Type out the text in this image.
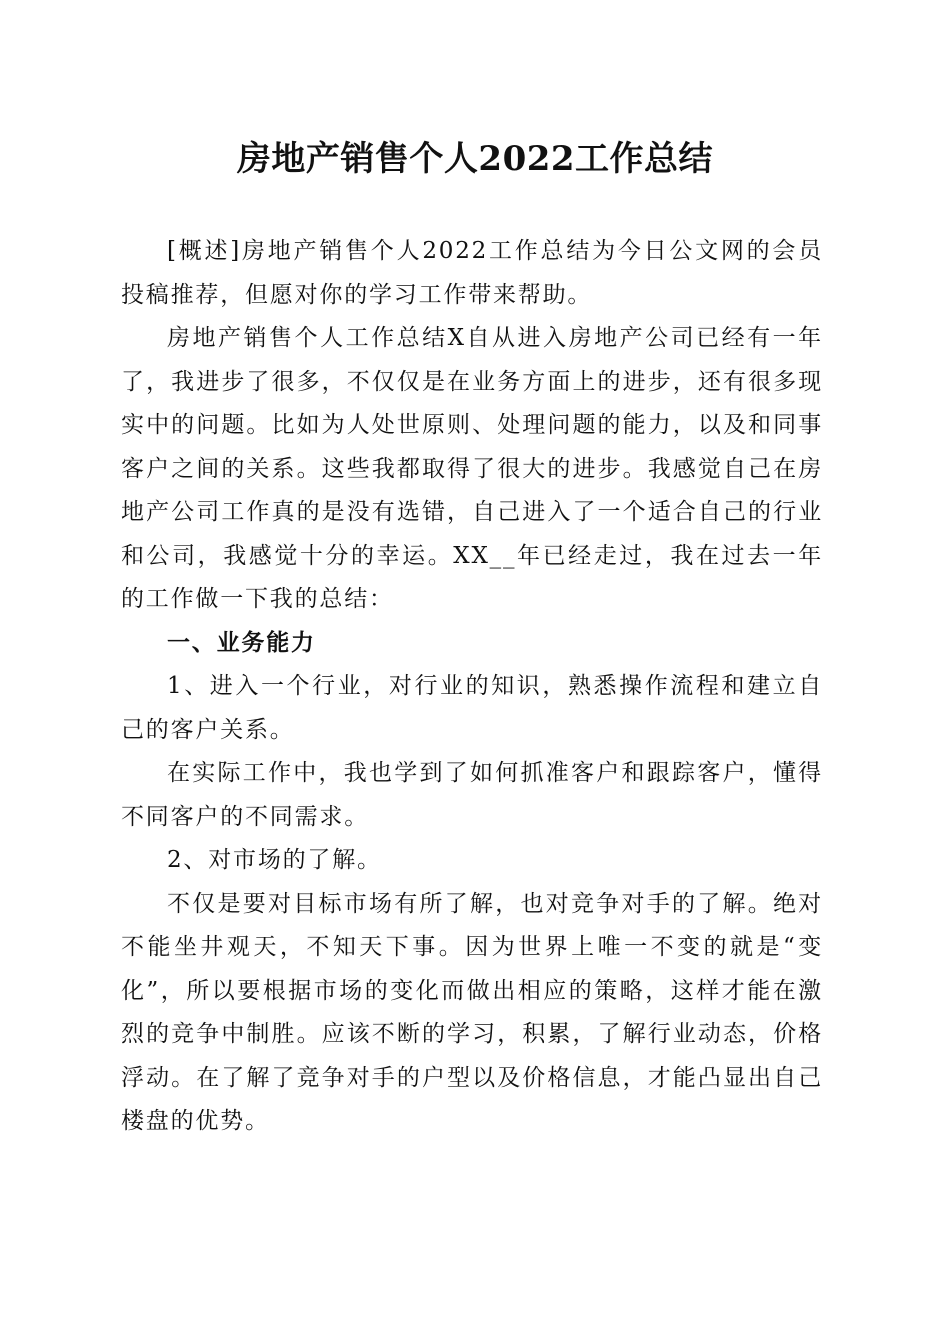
房地产销售个人2022工作总结

[概述]房地产销售个人2022工作总结为今日公文网的会员投稿推荐，但愿对你的学习工作带来帮助。

房地产销售个人工作总结X自从进入房地产公司已经有一年了，我进步了很多，不仅仅是在业务方面上的进步，还有很多现实中的问题。比如为人处世原则、处理问题的能力，以及和同事客户之间的关系。这些我都取得了很大的进步。我感觉自己在房地产公司工作真的是没有选错，自己进入了一个适合自己的行业和公司，我感觉十分的幸运。XX__年已经走过，我在过去一年的工作做一下我的总结：

一、业务能力

1、进入一个行业，对行业的知识，熟悉操作流程和建立自己的客户关系。

在实际工作中，我也学到了如何抓准客户和跟踪客户，懂得不同客户的不同需求。

2、对市场的了解。

不仅是要对目标市场有所了解，也对竞争对手的了解。绝对不能坐井观天，不知天下事。因为世界上唯一不变的就是“变化”，所以要根据市场的变化而做出相应的策略，这样才能在激烈的竞争中制胜。应该不断的学习，积累，了解行业动态，价格浮动。在了解了竞争对手的户型以及价格信息，才能凸显出自己楼盘的优势。
